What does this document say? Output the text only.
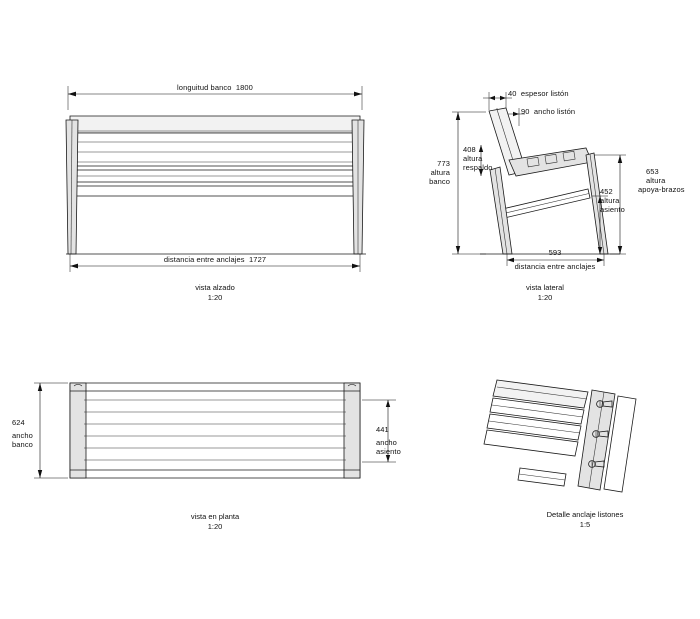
longuitud banco  1800
distancia entre anclajes  1727
vista alzado
1:20
40  espesor listón
90  ancho listón
408
altura
respaldo
773
altura
banco
452
altura
asiento
653
altura
apoya-brazos
593
distancia entre anclajes
vista lateral
1:20
624
ancho
banco
441
ancho
asiento
vista en planta
1:20
Detalle anclaje listones
1:5
